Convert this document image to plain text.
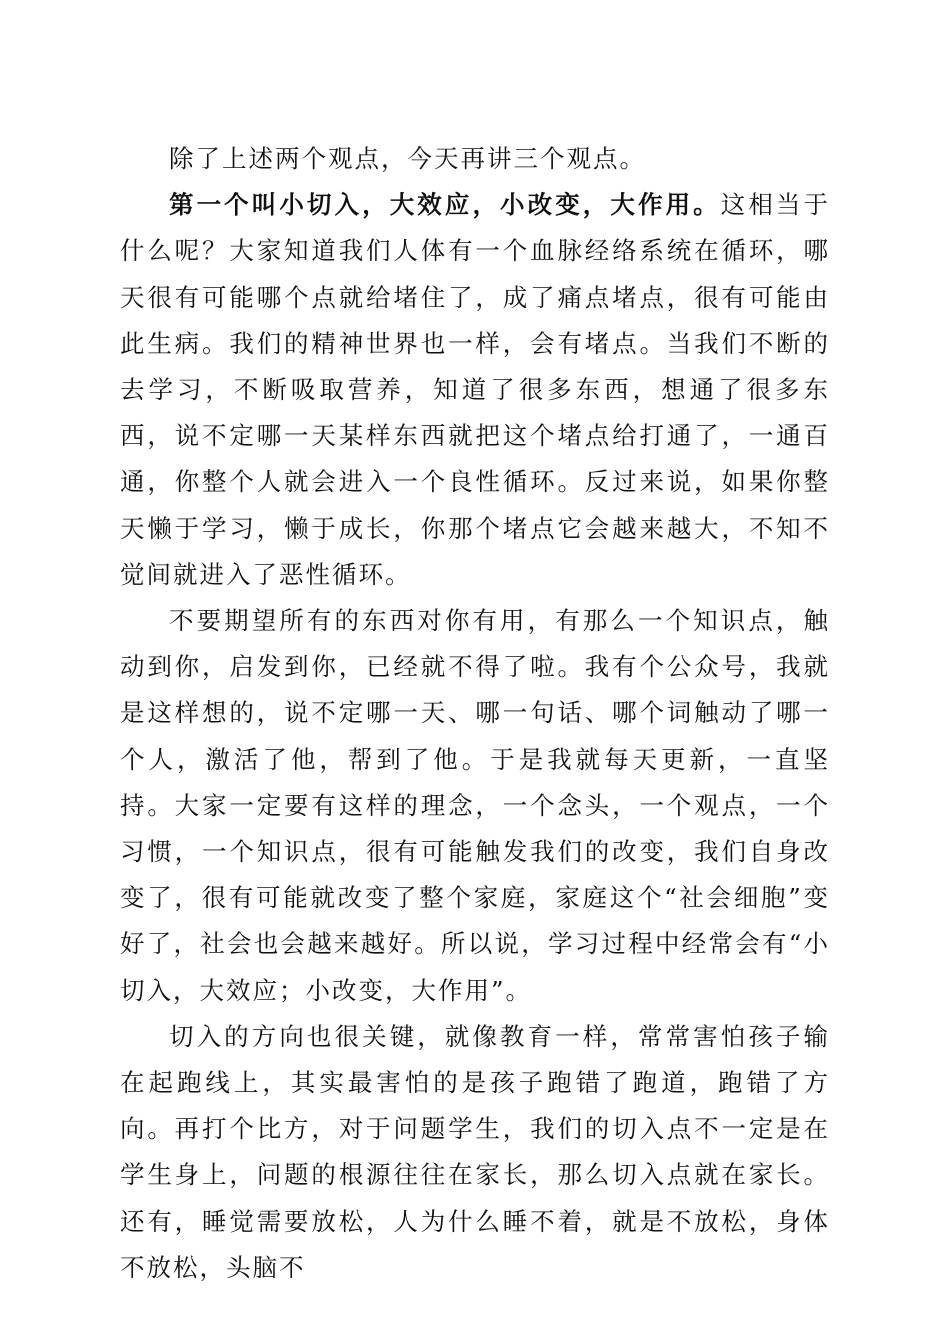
除了上述两个观点，今天再讲三个观点。

第一个叫小切入，大效应，小改变，大作用。这相当于什么呢？大家知道我们人体有一个血脉经络系统在循环，哪天很有可能哪个点就给堵住了，成了痛点堵点，很有可能由此生病。我们的精神世界也一样，会有堵点。当我们不断的去学习，不断吸取营养，知道了很多东西，想通了很多东西，说不定哪一天某样东西就把这个堵点给打通了，一通百通，你整个人就会进入一个良性循环。反过来说，如果你整天懒于学习，懒于成长，你那个堵点它会越来越大，不知不觉间就进入了恶性循环。

不要期望所有的东西对你有用，有那么一个知识点，触动到你，启发到你，已经就不得了啦。我有个公众号，我就是这样想的，说不定哪一天、哪一句话、哪个词触动了哪一个人，激活了他，帮到了他。于是我就每天更新，一直坚持。大家一定要有这样的理念，一个念头，一个观点，一个习惯，一个知识点，很有可能触发我们的改变，我们自身改变了，很有可能就改变了整个家庭，家庭这个“社会细胞”变好了，社会也会越来越好。所以说，学习过程中经常会有“小切入，大效应；小改变，大作用”。

切入的方向也很关键，就像教育一样，常常害怕孩子输在起跑线上，其实最害怕的是孩子跑错了跑道，跑错了方向。再打个比方，对于问题学生，我们的切入点不一定是在学生身上，问题的根源往往在家长，那么切入点就在家长。还有，睡觉需要放松，人为什么睡不着，就是不放松，身体不放松，头脑不
